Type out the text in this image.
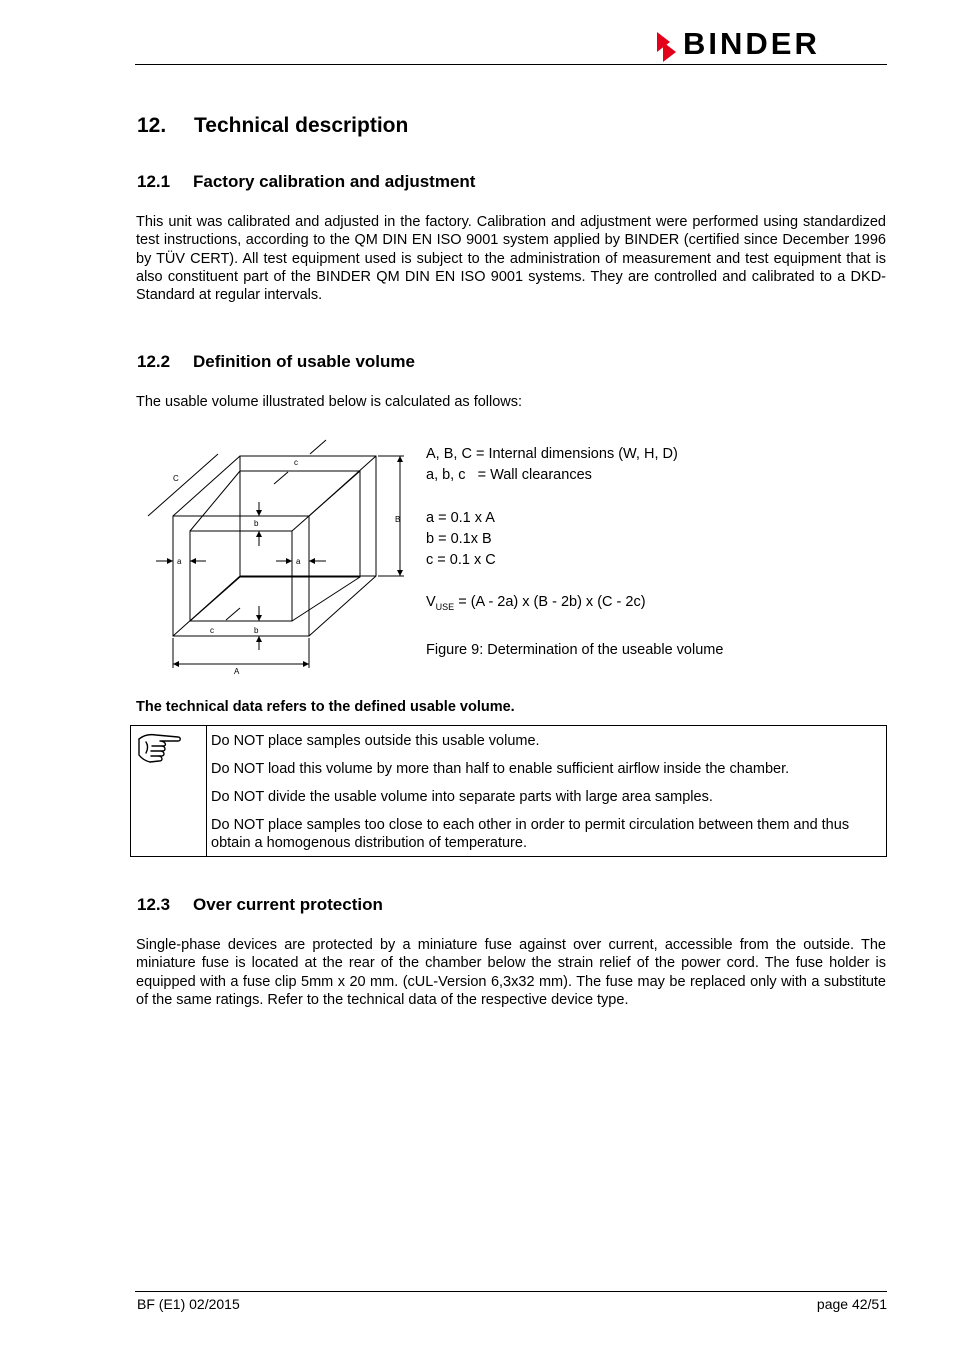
BINDER
12. Technical description
12.1 Factory calibration and adjustment

This unit was calibrated and adjusted in the factory. Calibration and adjustment were performed using standardized test instructions, according to the QM DIN EN ISO 9001 system applied by BINDER (certified since December 1996 by TÜV CERT). All test equipment used is subject to the administration of measurement and test equipment that is also constituent part of the BINDER QM DIN EN ISO 9001 systems. They are controlled and calibrated to a DKD-Standard at regular intervals.

12.2 Definition of usable volume

The usable volume illustrated below is calculated as follows:

A
B
C
a	a
b
b
c
c
A, B, C = Internal dimensions (W, H, D)
a, b, c   = Wall clearances
a = 0.1 x A
b = 0.1x B
c = 0.1 x C
$V_{USE} = (A - 2a)$ x (B - 2b) x (C - 2c)
Figure 9: Determination of the useable volume

The technical data refers to the defined usable volume.

Do NOT place samples outside this usable volume.

Do NOT load this volume by more than half to enable sufficient airflow inside the chamber.

Do NOT divide the usable volume into separate parts with large area samples.

Do NOT place samples too close to each other in order to permit circulation between them and thus obtain a homogenous distribution of temperature.

12.3 Over current protection

Single-phase devices are protected by a miniature fuse against over current, accessible from the outside. The miniature fuse is located at the rear of the chamber below the strain relief of the power cord. The fuse holder is equipped with a fuse clip 5mm x 20 mm. (cUL-Version 6,3x32 mm). The fuse may be replaced only with a substitute of the same ratings. Refer to the technical data of the respective device type.

BF (E1) 02/2015	page 42/51
